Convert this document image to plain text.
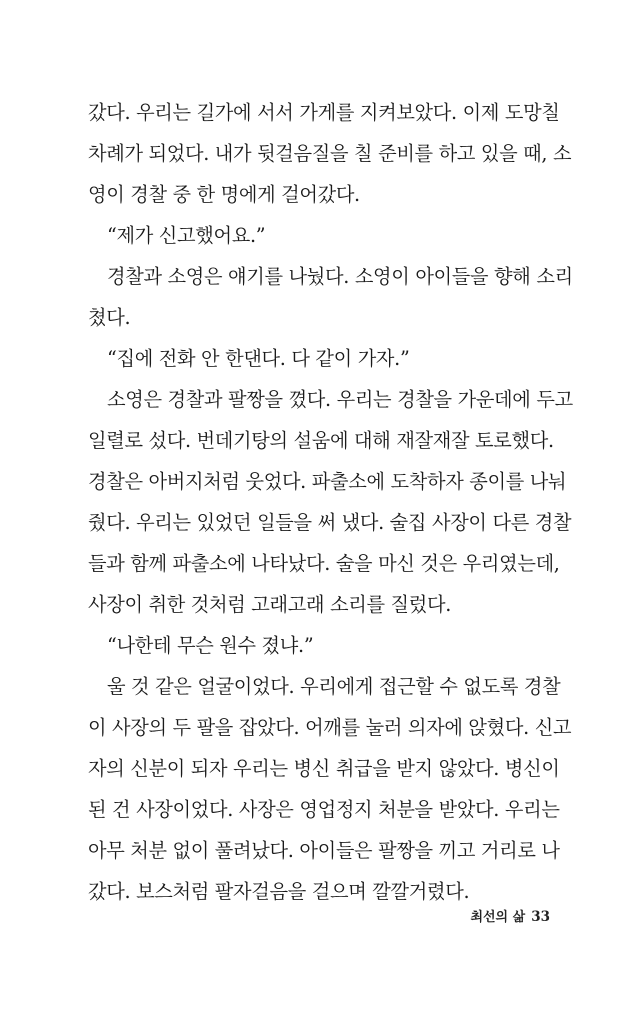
갔다. 우리는 길가에 서서 가게를 지켜보았다. 이제 도망칠
차례가 되었다. 내가 뒷걸음질을 칠 준비를 하고 있을 때, 소
영이 경찰 중 한 명에게 걸어갔다.
“제가 신고했어요.”
경찰과 소영은 얘기를 나눴다. 소영이 아이들을 향해 소리
쳤다.
“집에 전화 안 한댄다. 다 같이 가자.”
소영은 경찰과 팔짱을 꼈다. 우리는 경찰을 가운데에 두고
일렬로 섰다. 번데기탕의 설움에 대해 재잘재잘 토로했다.
경찰은 아버지처럼 웃었다. 파출소에 도착하자 종이를 나눠
줬다. 우리는 있었던 일들을 써 냈다. 술집 사장이 다른 경찰
들과 함께 파출소에 나타났다. 술을 마신 것은 우리였는데,
사장이 취한 것처럼 고래고래 소리를 질렀다.
“나한테 무슨 원수 졌냐.”
울 것 같은 얼굴이었다. 우리에게 접근할 수 없도록 경찰
이 사장의 두 팔을 잡았다. 어깨를 눌러 의자에 앉혔다. 신고
자의 신분이 되자 우리는 병신 취급을 받지 않았다. 병신이
된 건 사장이었다. 사장은 영업정지 처분을 받았다. 우리는
아무 처분 없이 풀려났다. 아이들은 팔짱을 끼고 거리로 나
갔다. 보스처럼 팔자걸음을 걸으며 깔깔거렸다.
최선의 삶 33
